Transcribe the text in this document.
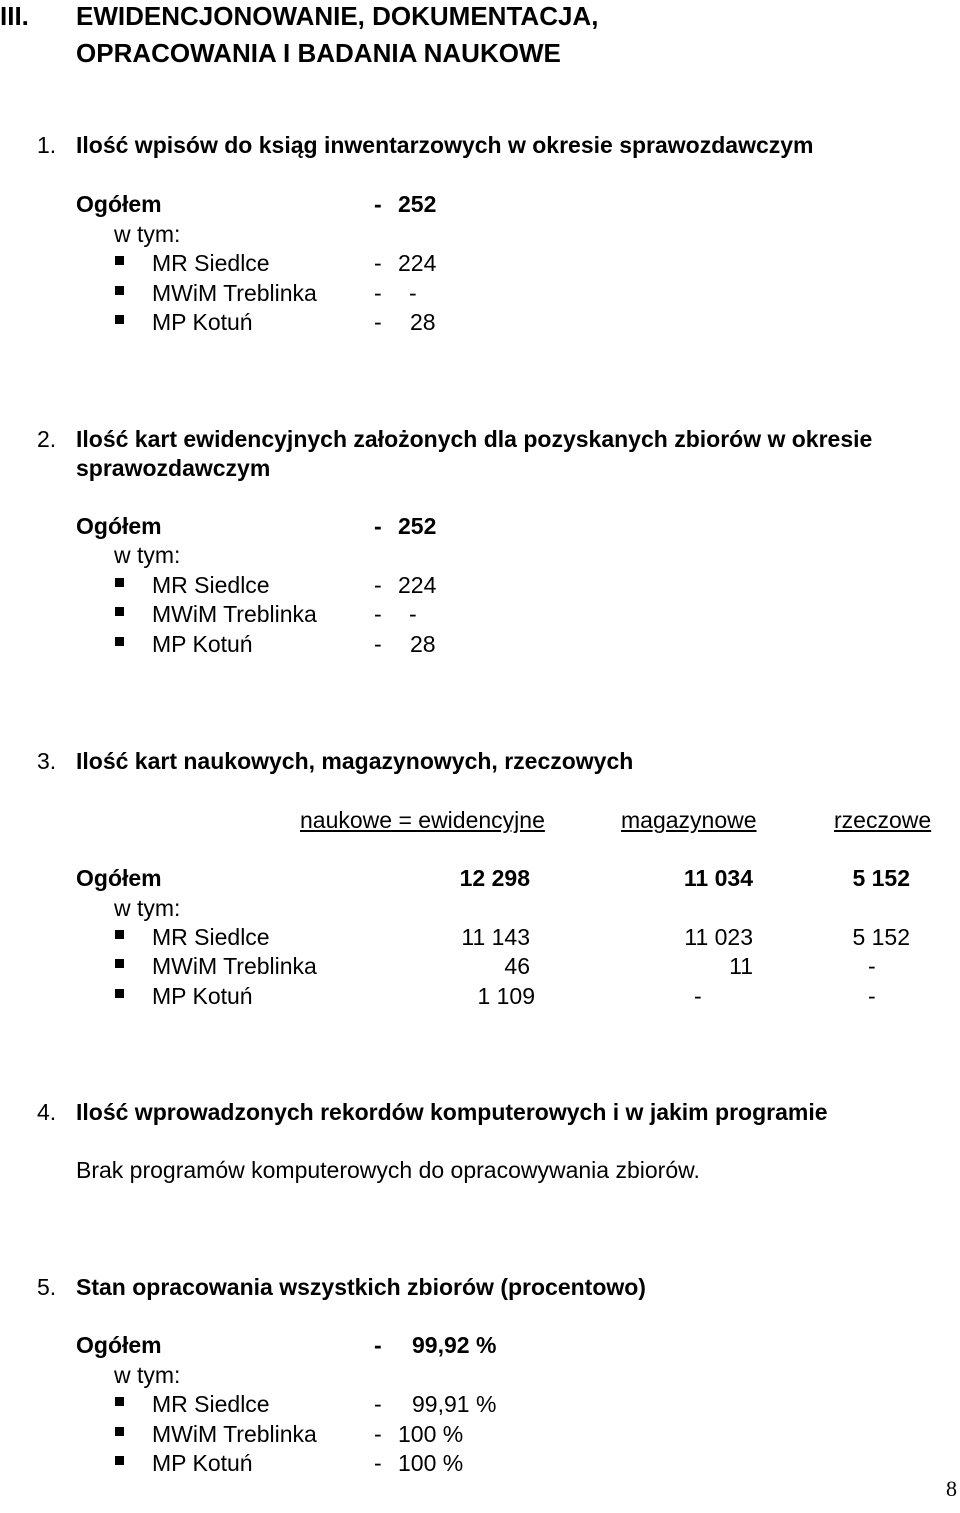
III. EWIDENCJONOWANIE, DOKUMENTACJA,
OPRACOWANIA I BADANIA NAUKOWE
1. Ilość wpisów do ksiąg inwentarzowych w okresie sprawozdawczym
Ogółem	- 252
w tym:
MR Siedlce	- 224
MWiM Treblinka - -
MP Kotuń	- 28
2. Ilość kart ewidencyjnych założonych dla pozyskanych zbiorów w okresie
sprawozdawczym
Ogółem	- 252
w tym:
MR Siedlce	- 224
MWiM Treblinka - -
MP Kotuń	- 28
3. Ilość kart naukowych, magazynowych, rzeczowych
naukowe = ewidencyjne	magazynowe	rzeczowe
Ogółem	12 298	11 034	5 152
w tym:
MR Siedlce	11 143	11 023	5 152
MWiM Treblinka	46	11	-
MP Kotuń	1 109	-	-
4. Ilość wprowadzonych rekordów komputerowych i w jakim programie
Brak programów komputerowych do opracowywania zbiorów.
5. Stan opracowania wszystkich zbiorów (procentowo)
Ogółem	- 99,92 %
w tym:
MR Siedlce	- 99,91 %
MWiM Treblinka - 100 %
MP Kotuń	- 100 %
8
